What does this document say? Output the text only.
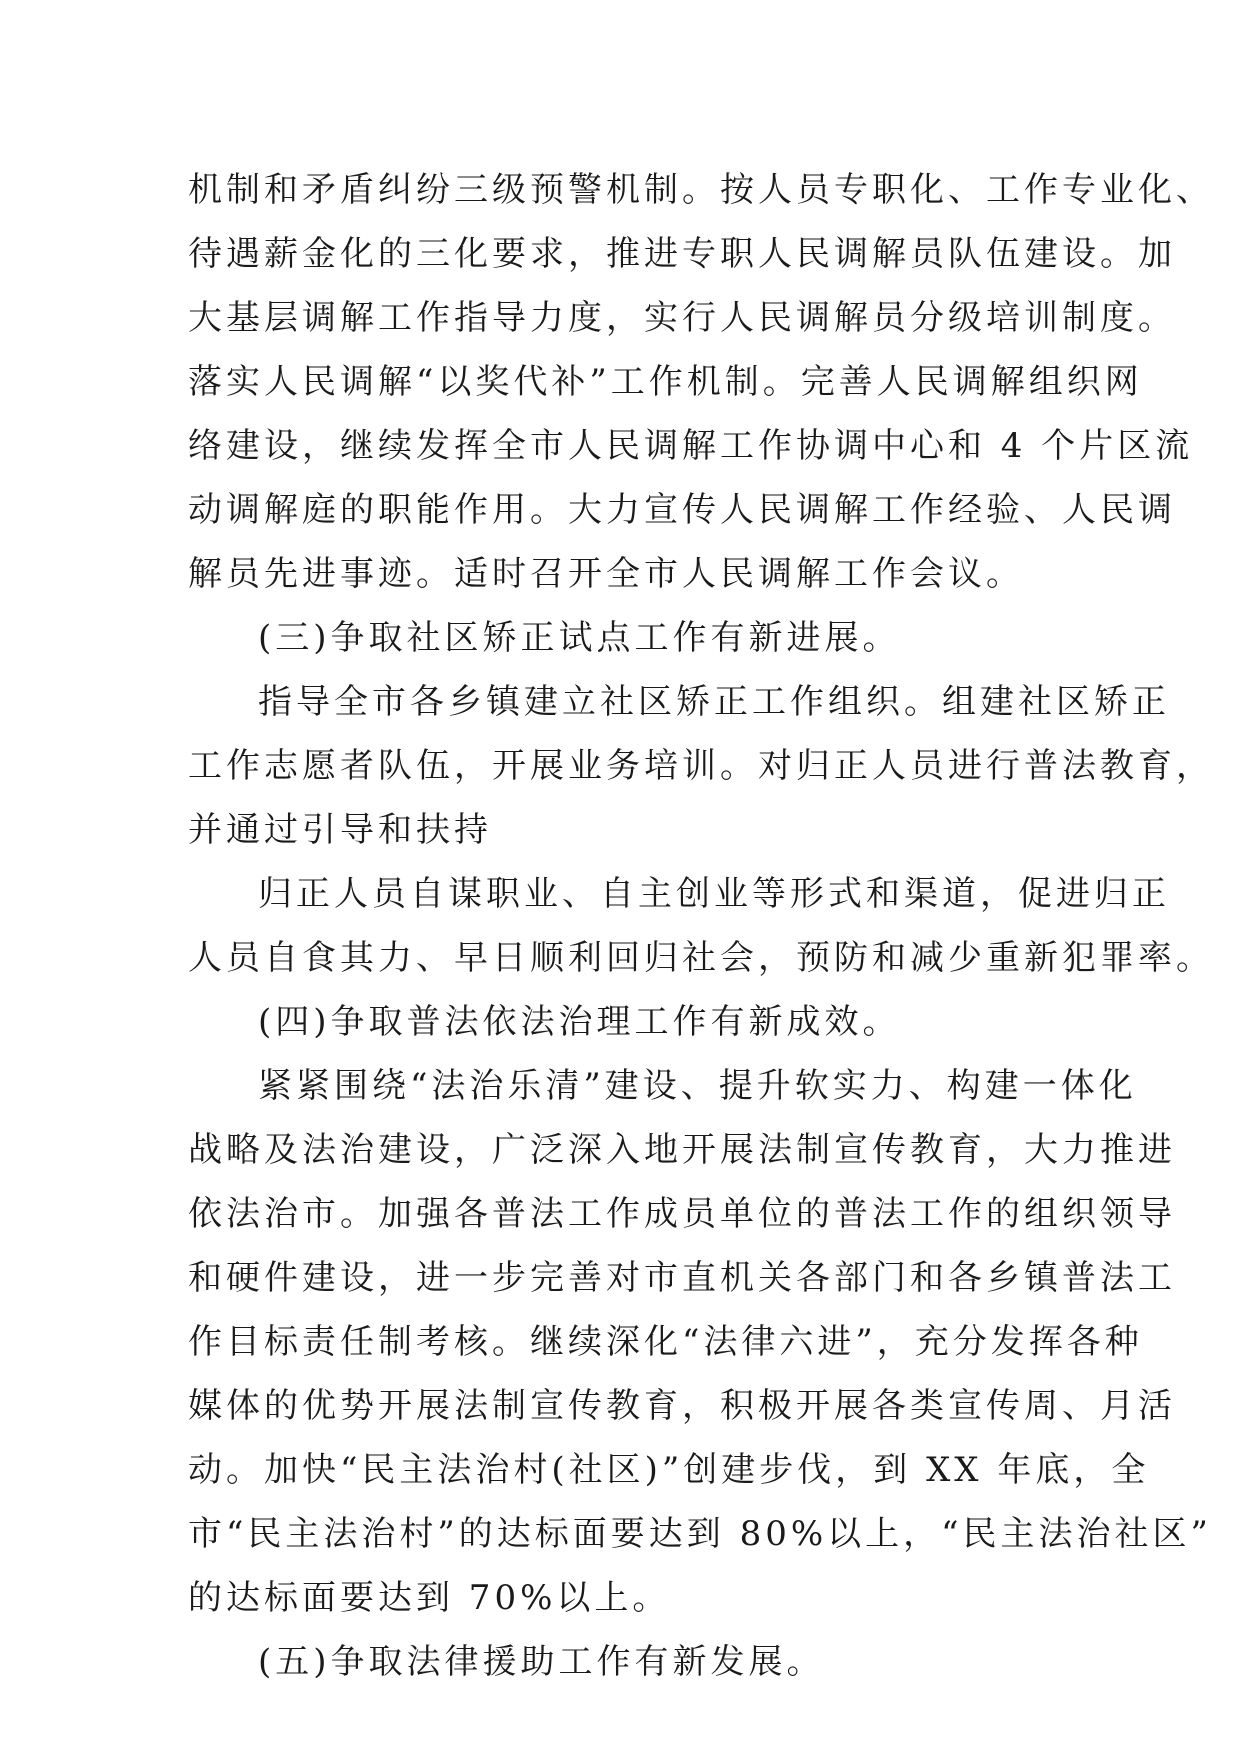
机制和矛盾纠纷三级预警机制。按人员专职化、工作专业化、
待遇薪金化的三化要求，推进专职人民调解员队伍建设。加
大基层调解工作指导力度，实行人民调解员分级培训制度。
落实人民调解“以奖代补”工作机制。完善人民调解组织网
络建设，继续发挥全市人民调解工作协调中心和 4 个片区流
动调解庭的职能作用。大力宣传人民调解工作经验、人民调
解员先进事迹。适时召开全市人民调解工作会议。
(三)争取社区矫正试点工作有新进展。
指导全市各乡镇建立社区矫正工作组织。组建社区矫正
工作志愿者队伍，开展业务培训。对归正人员进行普法教育，
并通过引导和扶持
归正人员自谋职业、自主创业等形式和渠道，促进归正
人员自食其力、早日顺利回归社会，预防和减少重新犯罪率。
(四)争取普法依法治理工作有新成效。
紧紧围绕“法治乐清”建设、提升软实力、构建一体化
战略及法治建设，广泛深入地开展法制宣传教育，大力推进
依法治市。加强各普法工作成员单位的普法工作的组织领导
和硬件建设，进一步完善对市直机关各部门和各乡镇普法工
作目标责任制考核。继续深化“法律六进”，充分发挥各种
媒体的优势开展法制宣传教育，积极开展各类宣传周、月活
动。加快“民主法治村(社区)”创建步伐，到 XX 年底，全
市“民主法治村”的达标面要达到 80%以上，“民主法治社区”
的达标面要达到 70%以上。
(五)争取法律援助工作有新发展。
